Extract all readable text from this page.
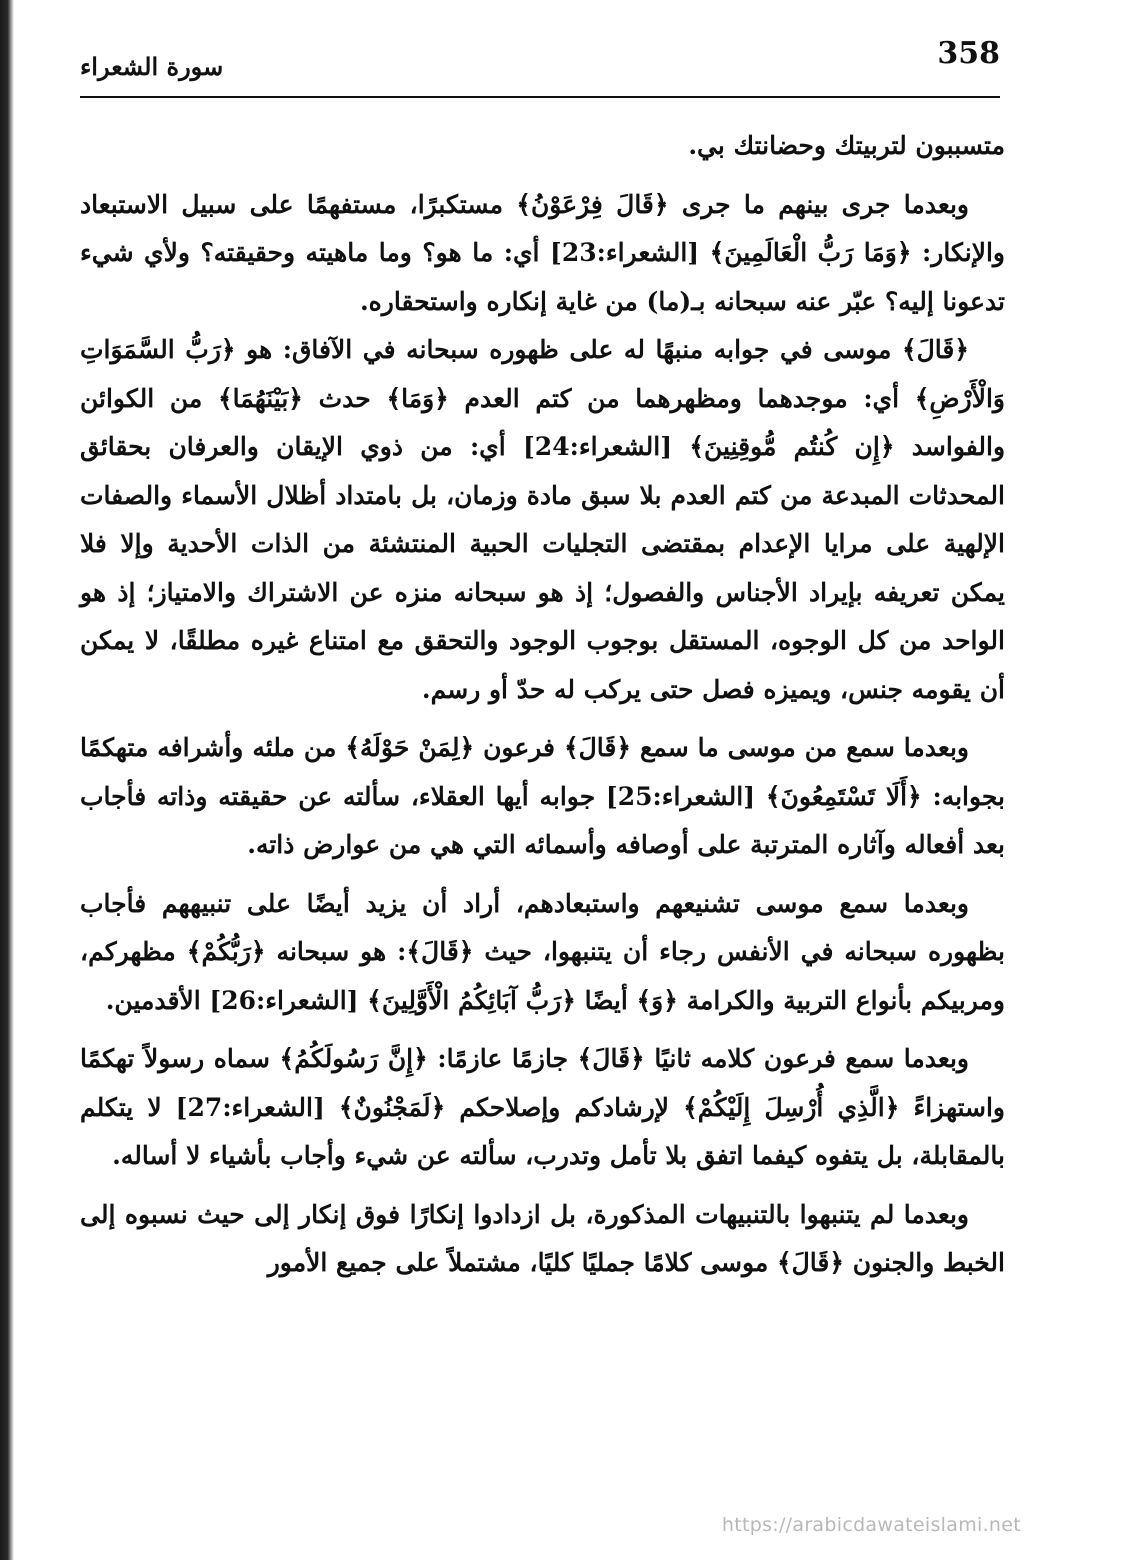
358
سورة الشعراء

متسببون لتربيتك وحضانتك بي.

وبعدما جرى بينهم ما جرى ﴿قَالَ فِرْعَوْنُ﴾ مستكبرًا، مستفهمًا على سبيل الاستبعاد والإنكار: ﴿وَمَا رَبُّ الْعَالَمِينَ﴾ [الشعراء:23] أي: ما هو؟ وما ماهيته وحقيقته؟ ولأي شيء تدعونا إليه؟ عبّر عنه سبحانه بـ(ما) من غاية إنكاره واستحقاره.

﴿قَالَ﴾ موسى في جوابه منبهًا له على ظهوره سبحانه في الآفاق: هو ﴿رَبُّ السَّمَوَاتِ وَالْأَرْضِ﴾ أي: موجدهما ومظهرهما من كتم العدم ﴿وَمَا﴾ حدث ﴿بَيْنَهُمَا﴾ من الكوائن والفواسد ﴿إِن كُنتُم مُّوقِنِينَ﴾ [الشعراء:24] أي: من ذوي الإيقان والعرفان بحقائق المحدثات المبدعة من كتم العدم بلا سبق مادة وزمان، بل بامتداد أظلال الأسماء والصفات الإلهية على مرايا الإعدام بمقتضى التجليات الحبية المنتشئة من الذات الأحدية وإلا فلا يمكن تعريفه بإيراد الأجناس والفصول؛ إذ هو سبحانه منزه عن الاشتراك والامتياز؛ إذ هو الواحد من كل الوجوه، المستقل بوجوب الوجود والتحقق مع امتناع غيره مطلقًا، لا يمكن أن يقومه جنس، ويميزه فصل حتى يركب له حدّ أو رسم.

وبعدما سمع من موسى ما سمع ﴿قَالَ﴾ فرعون ﴿لِمَنْ حَوْلَهُ﴾ من ملئه وأشرافه متهكمًا بجوابه: ﴿أَلَا تَسْتَمِعُونَ﴾ [الشعراء:25] جوابه أيها العقلاء، سألته عن حقيقته وذاته فأجاب بعد أفعاله وآثاره المترتبة على أوصافه وأسمائه التي هي من عوارض ذاته.

وبعدما سمع موسى تشنيعهم واستبعادهم، أراد أن يزيد أيضًا على تنبيههم فأجاب بظهوره سبحانه في الأنفس رجاء أن يتنبهوا، حيث ﴿قَالَ﴾: هو سبحانه ﴿رَبُّكُمْ﴾ مظهركم، ومربيكم بأنواع التربية والكرامة ﴿وَ﴾ أيضًا ﴿رَبُّ آبَائِكُمُ الْأَوَّلِينَ﴾ [الشعراء:26] الأقدمين.

وبعدما سمع فرعون كلامه ثانيًا ﴿قَالَ﴾ جازمًا عازمًا: ﴿إِنَّ رَسُولَكُمُ﴾ سماه رسولاً تهكمًا واستهزاءً ﴿الَّذِي أُرْسِلَ إِلَيْكُمْ﴾ لإرشادكم وإصلاحكم ﴿لَمَجْنُونٌ﴾ [الشعراء:27] لا يتكلم بالمقابلة، بل يتفوه كيفما اتفق بلا تأمل وتدرب، سألته عن شيء وأجاب بأشياء لا أساله.

وبعدما لم يتنبهوا بالتنبيهات المذكورة، بل ازدادوا إنكارًا فوق إنكار إلى حيث نسبوه إلى الخبط والجنون ﴿قَالَ﴾ موسى كلامًا جمليًا كليًا، مشتملاً على جميع الأمور

https://arabicdawateislami.net
